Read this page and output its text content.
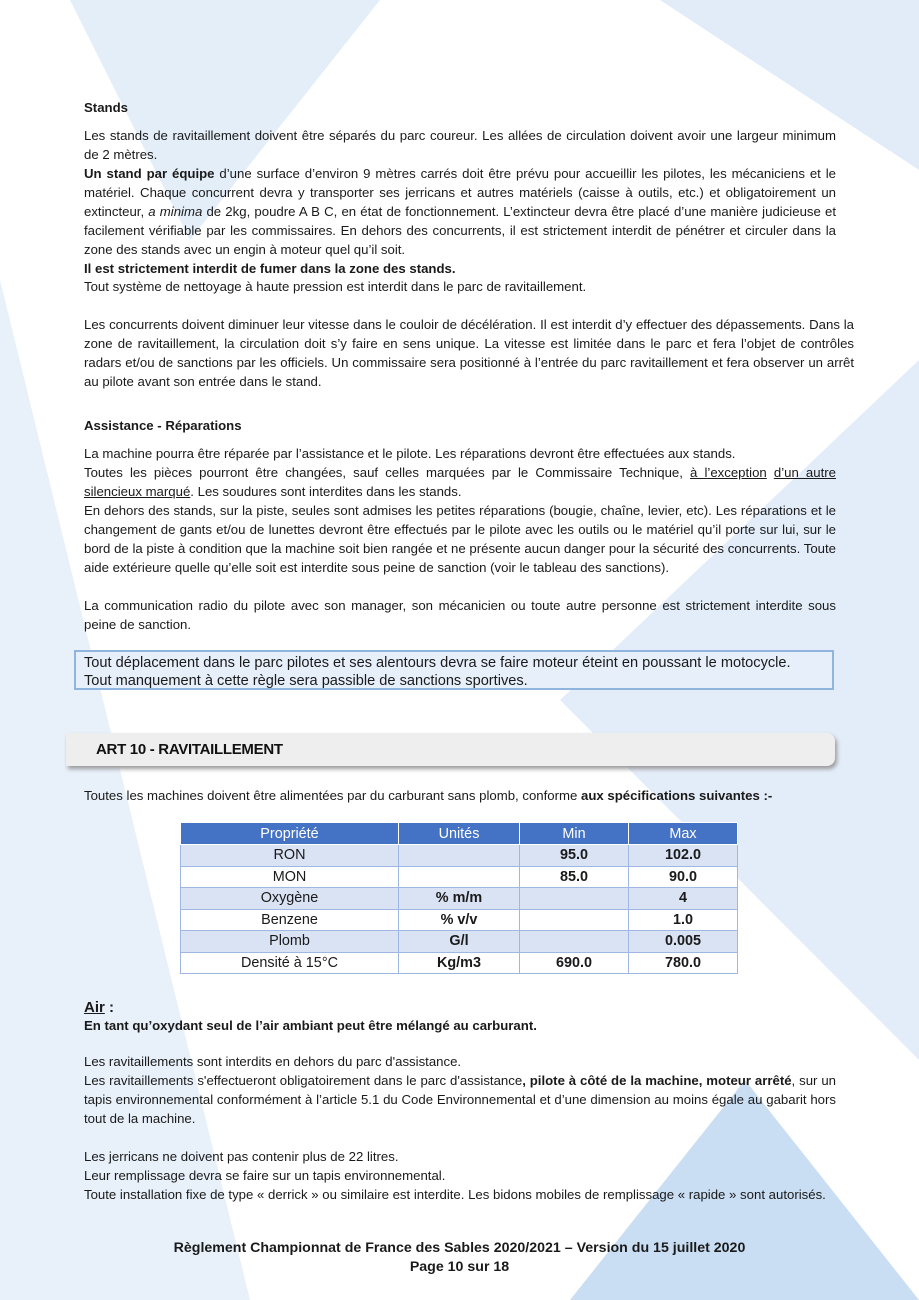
Stands
Les stands de ravitaillement doivent être séparés du parc coureur. Les allées de circulation doivent avoir une largeur minimum de 2 mètres.
Un stand par équipe d’une surface d’environ 9 mètres carrés doit être prévu pour accueillir les pilotes, les mécaniciens et le matériel. Chaque concurrent devra y transporter ses jerricans et autres matériels (caisse à outils, etc.) et obligatoirement un extincteur, a minima de 2kg, poudre A B C, en état de fonctionnement. L’extincteur devra être placé d’une manière judicieuse et facilement vérifiable par les commissaires. En dehors des concurrents, il est strictement interdit de pénétrer et circuler dans la zone des stands avec un engin à moteur quel qu’il soit.
Il est strictement interdit de fumer dans la zone des stands.
Tout système de nettoyage à haute pression est interdit dans le parc de ravitaillement.
Les concurrents doivent diminuer leur vitesse dans le couloir de décélération. Il est interdit d’y effectuer des dépassements. Dans la zone de ravitaillement, la circulation doit s’y faire en sens unique. La vitesse est limitée dans le parc et fera l’objet de contrôles radars et/ou de sanctions par les officiels. Un commissaire sera positionné à l’entrée du parc ravitaillement et fera observer un arrêt au pilote avant son entrée dans le stand.
Assistance - Réparations
La machine pourra être réparée par l’assistance et le pilote. Les réparations devront être effectuées aux stands.
Toutes les pièces pourront être changées, sauf celles marquées par le Commissaire Technique, à l’exception d’un autre silencieux marqué. Les soudures sont interdites dans les stands.
En dehors des stands, sur la piste, seules sont admises les petites réparations (bougie, chaîne, levier, etc). Les réparations et le changement de gants et/ou de lunettes devront être effectués par le pilote avec les outils ou le matériel qu’il porte sur lui, sur le bord de la piste à condition que la machine soit bien rangée et ne présente aucun danger pour la sécurité des concurrents. Toute aide extérieure quelle qu’elle soit est interdite sous peine de sanction (voir le tableau des sanctions).
La communication radio du pilote avec son manager, son mécanicien ou toute autre personne est strictement interdite sous peine de sanction.
Tout déplacement dans le parc pilotes et ses alentours devra se faire moteur éteint en poussant le motocycle.
Tout manquement à cette règle sera passible de sanctions sportives.
ART 10 - RAVITAILLEMENT
Toutes les machines doivent être alimentées par du carburant sans plomb, conforme aux spécifications suivantes :-
Propriété	Unités	Min	Max
RON		95.0	102.0
MON		85.0	90.0
Oxygène	% m/m		4
Benzene	% v/v		1.0
Plomb	G/l		0.005
Densité à 15°C	Kg/m3	690.0	780.0
Air :
En tant qu’oxydant seul de l’air ambiant peut être mélangé au carburant.
Les ravitaillements sont interdits en dehors du parc d'assistance.
Les ravitaillements s'effectueront obligatoirement dans le parc d'assistance, pilote à côté de la machine, moteur arrêté, sur un tapis environnemental conformément à l’article 5.1 du Code Environnemental et d’une dimension au moins égale au gabarit hors tout de la machine.
Les jerricans ne doivent pas contenir plus de 22 litres.
Leur remplissage devra se faire sur un tapis environnemental.
Toute installation fixe de type « derrick » ou similaire est interdite. Les bidons mobiles de remplissage « rapide » sont autorisés.
Règlement Championnat de France des Sables 2020/2021 – Version du 15 juillet 2020
Page 10 sur 18
